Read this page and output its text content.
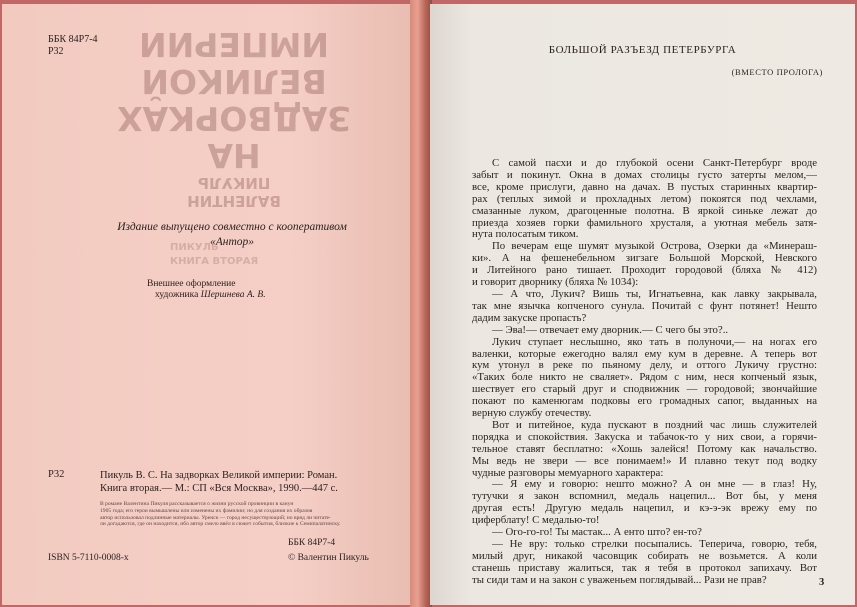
ББК 84Р7-4
Р32
ВАЛЕНТИН
ПИКУЛЬ
НА
ЗАДВОРКАХ
ВЕЛИКОЙ
ИМПЕРИИ
Издание выпущено совместно с кооперативом
«Антор»
ПИКУЛЬ
КНИГА ВТОРАЯ
Внешнее оформление
художника Шершнева А. В.
Р32	Пикуль В. С. На задворках Великой империи: Роман.
Книга вторая.— М.: СП «Вся Москва», 1990.—447 с.
В романе Валентина Пикуля рассказывается о жизни русской провинции в канун
1905 года; его герои вымышлены или изменены их фамилии; но для создания их образов
автор использовал подлинные материалы. Уренск — город несуществующий; но вряд ли читате-
ли догадаются, где он находится, ибо автор смело ввёл в сюжет события, близкие к Семипалатинску.
ББК 84Р7-4
ISBN 5-7110-0008-х	© Валентин Пикуль
БОЛЬШОЙ РАЗЪЕЗД ПЕТЕРБУРГА
(ВМЕСТО ПРОЛОГА)
С самой пасхи и до глубокой осени Санкт-Петербург вроде
забыт и покинут. Окна в домах столицы густо затерты мелом,—
все, кроме прислуги, давно на дачах. В пустых старинных квартир-
рах (теплых зимой и прохладных летом) покоятся под чехлами,
смазанные луком, драгоценные полотна. В яркой синьке лежат до
приезда хозяев горки фамильного хрусталя, а уютная мебель затя-
нута полосатым тиком.
По вечерам еще шумят музыкой Острова, Озерки да «Минераш-
ки». А на фешенебельном зигзаге Большой Морской, Невского
и Литейного рано тишает. Проходит городовой (бляха № 412)
и говорит дворнику (бляха № 1034):
— А что, Лукич? Вишь ты, Игнатьевна, как лавку закрывала,
так мне язычка копченого сунула. Почитай с фунт потянет! Нешто
дадим закуске пропасть?
— Эва!— отвечает ему дворник.— С чего бы это?..
Лукич ступает неслышно, яко тать в полуночи,— на ногах его
валенки, которые ежегодно валял ему кум в деревне. А теперь вот
кум утонул в реке по пьяному делу, и оттого Лукичу грустно:
«Таких боле никто не сваляет». Рядом с ним, неся копченый язык,
шествует его старый друг и сподвижник — городовой; звончайшие
покают по каменюгам подковы его громадных сапог, выданных на
верную службу отечеству.
Вот и питейное, куда пускают в поздний час лишь служителей
порядка и спокойствия. Закуска и табачок-то у них свои, а горячи-
тельное ставят бесплатно: «Хошь залейся! Потому как начальство.
Мы ведь не звери — все понимаем!» И плавно текут под водку
чудные разговоры мемуарного характера:
— Я ему и говорю: нешто можно? А он мне — в глаз! Ну,
тутучки я закон вспомнил, медаль нацепил... Вот бы, у меня
другая есть! Другую медаль нацепил, и кэ-э-эк врежу ему по
циферблату! С медалью-то!
— Ого-го-го! Ты мастак... А енто што? ен-то?
— Не вру: только стрелки посыпались. Теперича, говорю, тебя,
милый друг, никакой часовщик собирать не возьмется. А коли
станешь приставу жалиться, так я тебя в протокол запихачу. Вот
ты сиди там и на закон с уваженьем поглядывай... Рази не прав?	3
